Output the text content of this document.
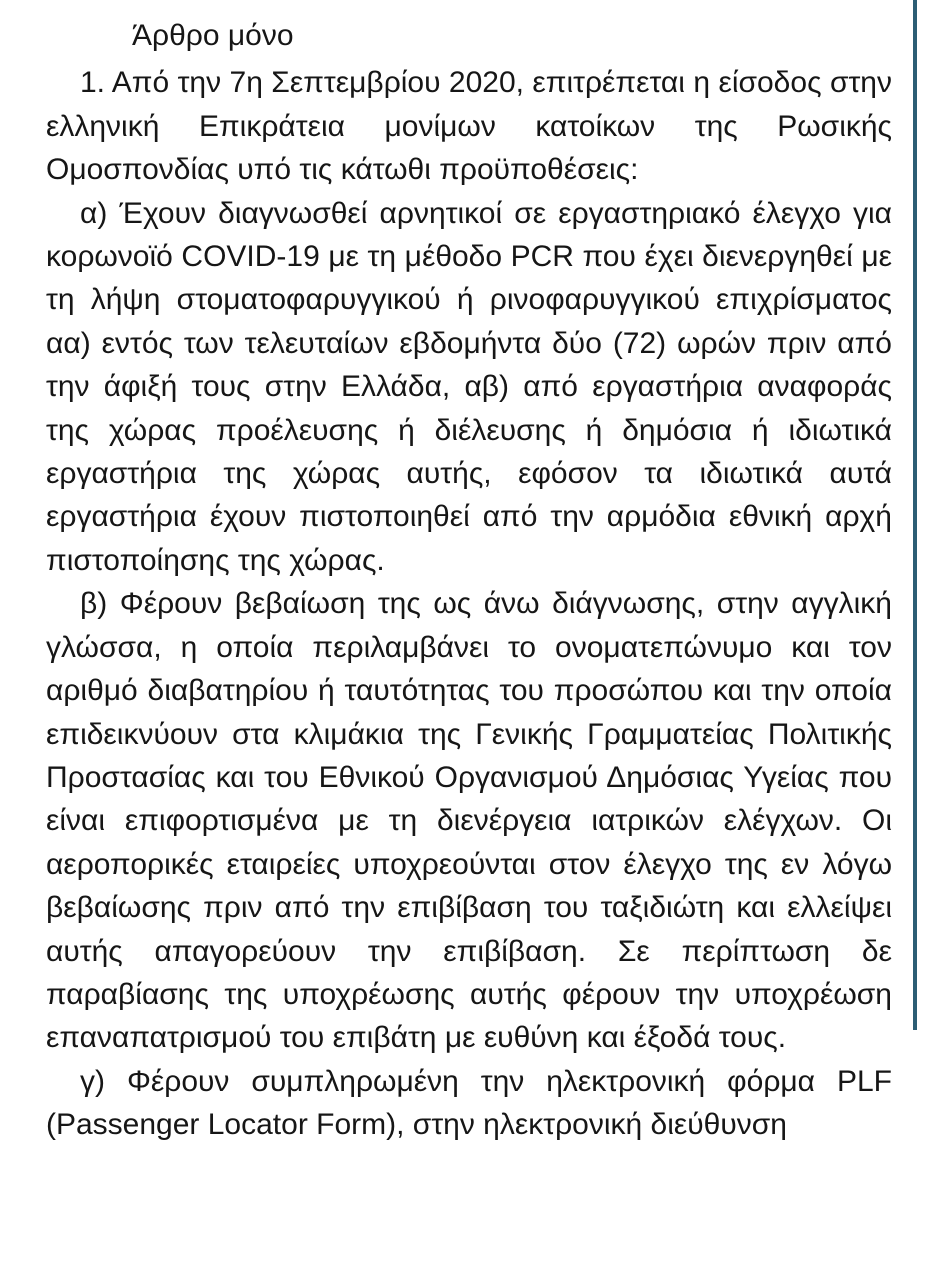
Άρθρο μόνο

1. Από την 7η Σεπτεμβρίου 2020, επιτρέπεται η είσοδος στην ελληνική Επικράτεια μονίμων κατοίκων της Ρωσικής Ομοσπονδίας υπό τις κάτωθι προϋποθέσεις:

α) Έχουν διαγνωσθεί αρνητικοί σε εργαστηριακό έλεγχο για κορωνοϊό COVID-19 με τη μέθοδο PCR που έχει διενεργηθεί με τη λήψη στοματοφαρυγγικού ή ρινοφαρυγγικού επιχρίσματος αα) εντός των τελευταίων εβδομήντα δύο (72) ωρών πριν από την άφιξή τους στην Ελλάδα, αβ) από εργαστήρια αναφοράς της χώρας προέλευσης ή διέλευσης ή δημόσια ή ιδιωτικά εργαστήρια της χώρας αυτής, εφόσον τα ιδιωτικά αυτά εργαστήρια έχουν πιστοποιηθεί από την αρμόδια εθνική αρχή πιστοποίησης της χώρας.

β) Φέρουν βεβαίωση της ως άνω διάγνωσης, στην αγγλική γλώσσα, η οποία περιλαμβάνει το ονοματεπώνυμο και τον αριθμό διαβατηρίου ή ταυτότητας του προσώπου και την οποία επιδεικνύουν στα κλιμάκια της Γενικής Γραμματείας Πολιτικής Προστασίας και του Εθνικού Οργανισμού Δημόσιας Υγείας που είναι επιφορτισμένα με τη διενέργεια ιατρικών ελέγχων. Οι αεροπορικές εταιρείες υποχρεούνται στον έλεγχο της εν λόγω βεβαίωσης πριν από την επιβίβαση του ταξιδιώτη και ελλείψει αυτής απαγορεύουν την επιβίβαση. Σε περίπτωση δε παραβίασης της υποχρέωσης αυτής φέρουν την υποχρέωση επαναπατρισμού του επιβάτη με ευθύνη και έξοδά τους.

γ) Φέρουν συμπληρωμένη την ηλεκτρονική φόρμα PLF (Passenger Locator Form), στην ηλεκτρονική διεύθυνση
